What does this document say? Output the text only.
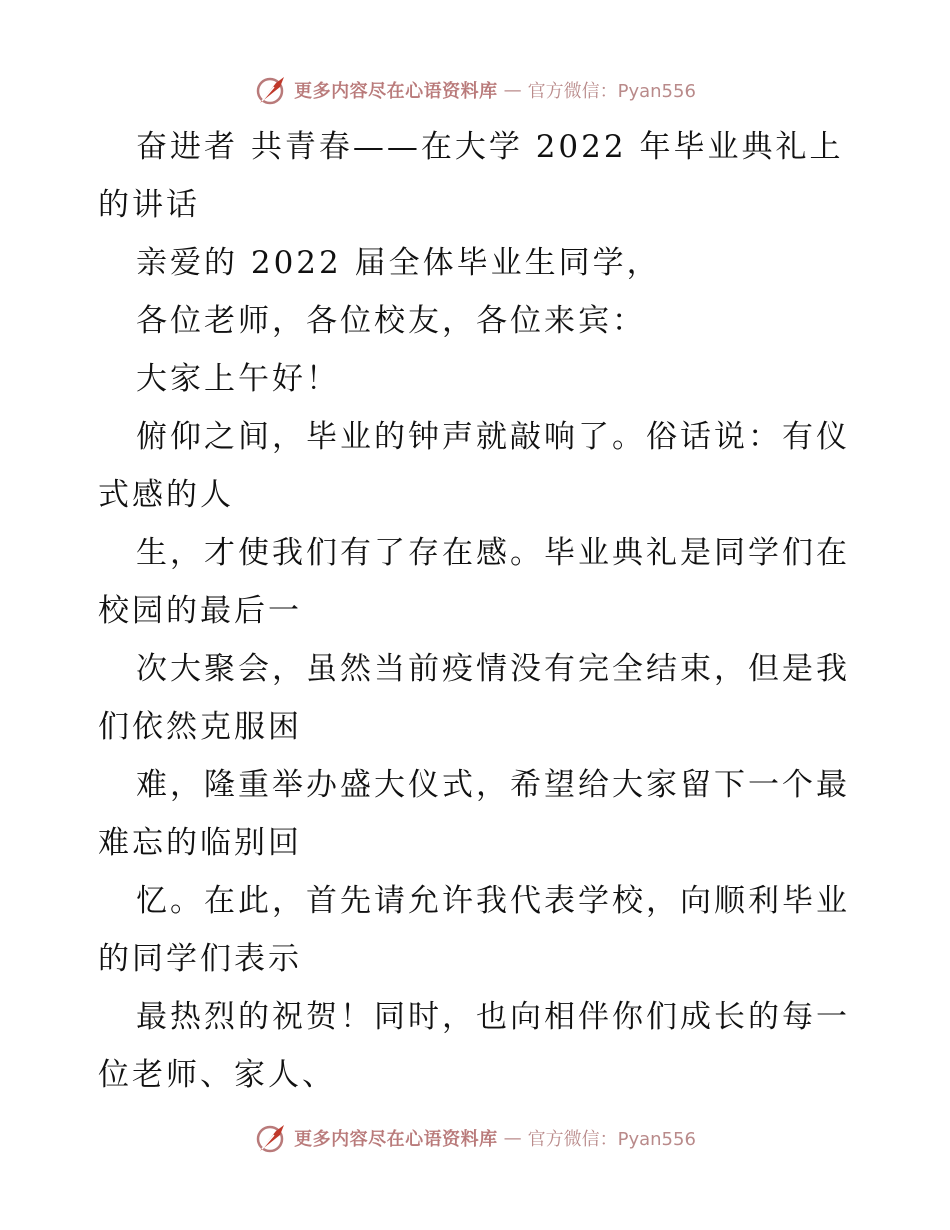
更多内容尽在心语资料库 — 官方微信：Pyan556
奋进者 共青春——在大学 2022 年毕业典礼上
的讲话
亲爱的 2022 届全体毕业生同学，
各位老师，各位校友，各位来宾：
大家上午好！
俯仰之间，毕业的钟声就敲响了。俗话说：有仪
式感的人
生，才使我们有了存在感。毕业典礼是同学们在
校园的最后一
次大聚会，虽然当前疫情没有完全结束，但是我
们依然克服困
难，隆重举办盛大仪式，希望给大家留下一个最
难忘的临别回
忆。在此，首先请允许我代表学校，向顺利毕业
的同学们表示
最热烈的祝贺！同时，也向相伴你们成长的每一
位老师、家人、
更多内容尽在心语资料库 — 官方微信：Pyan556
